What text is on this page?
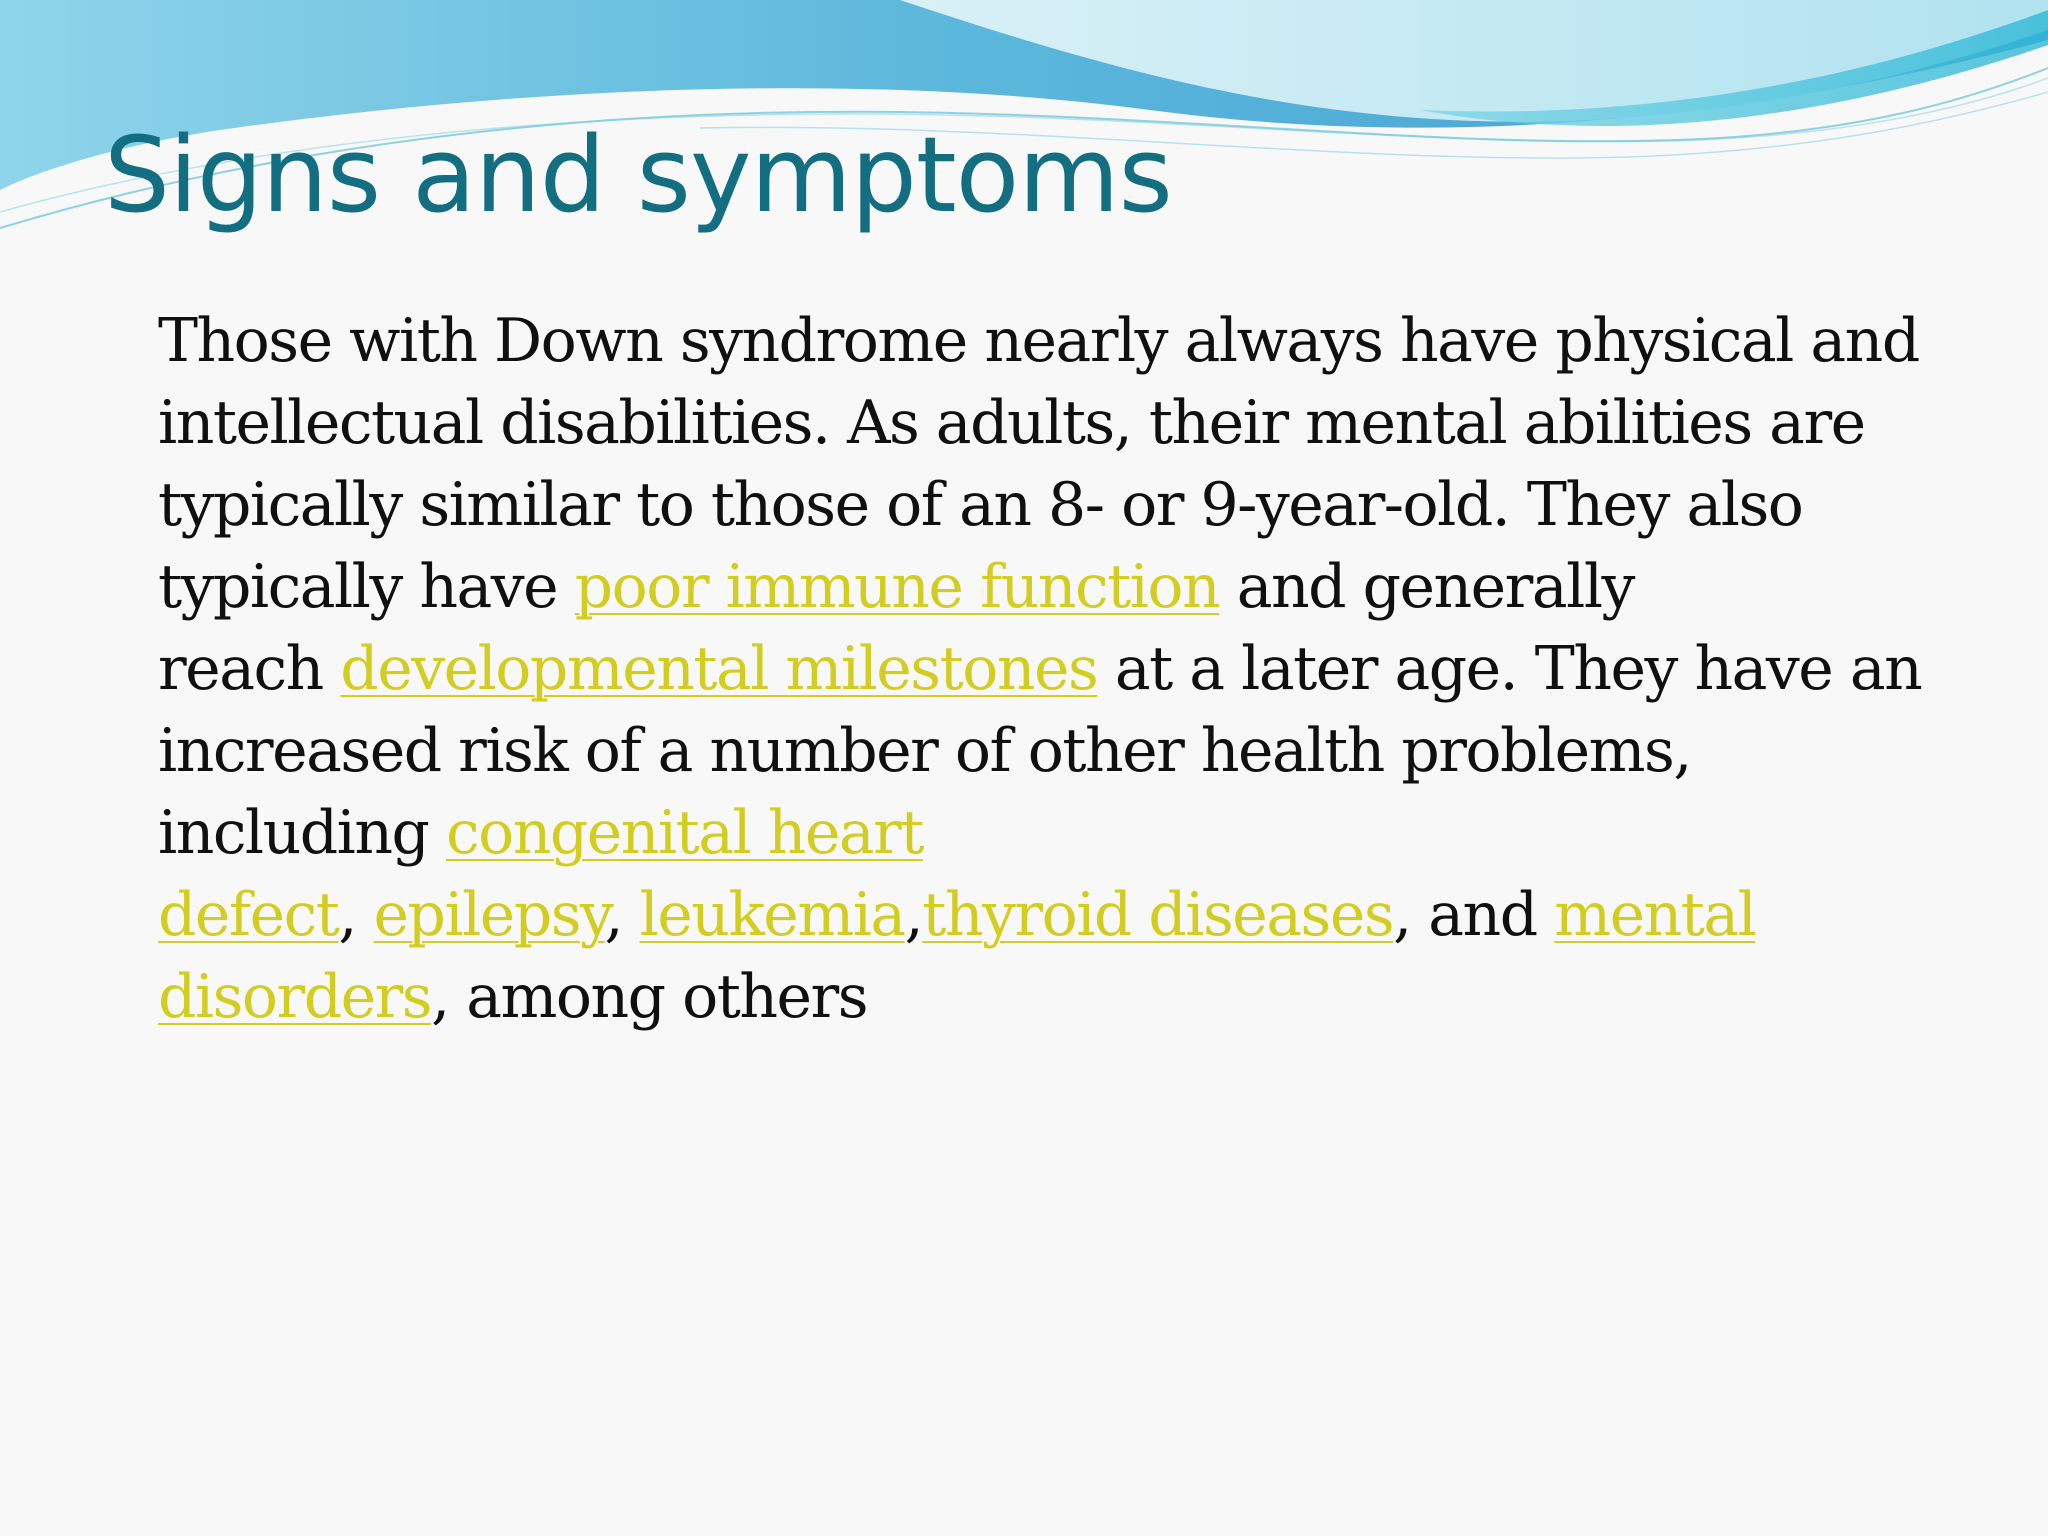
Signs and symptoms
Those with Down syndrome nearly always have physical and
intellectual disabilities. As adults, their mental abilities are
typically similar to those of an 8- or 9-year-old. They also
typically have poor immune function and generally
reach developmental milestones at a later age. They have an
increased risk of a number of other health problems,
including congenital heart
defect, epilepsy, leukemia,thyroid diseases, and mental
disorders, among others
